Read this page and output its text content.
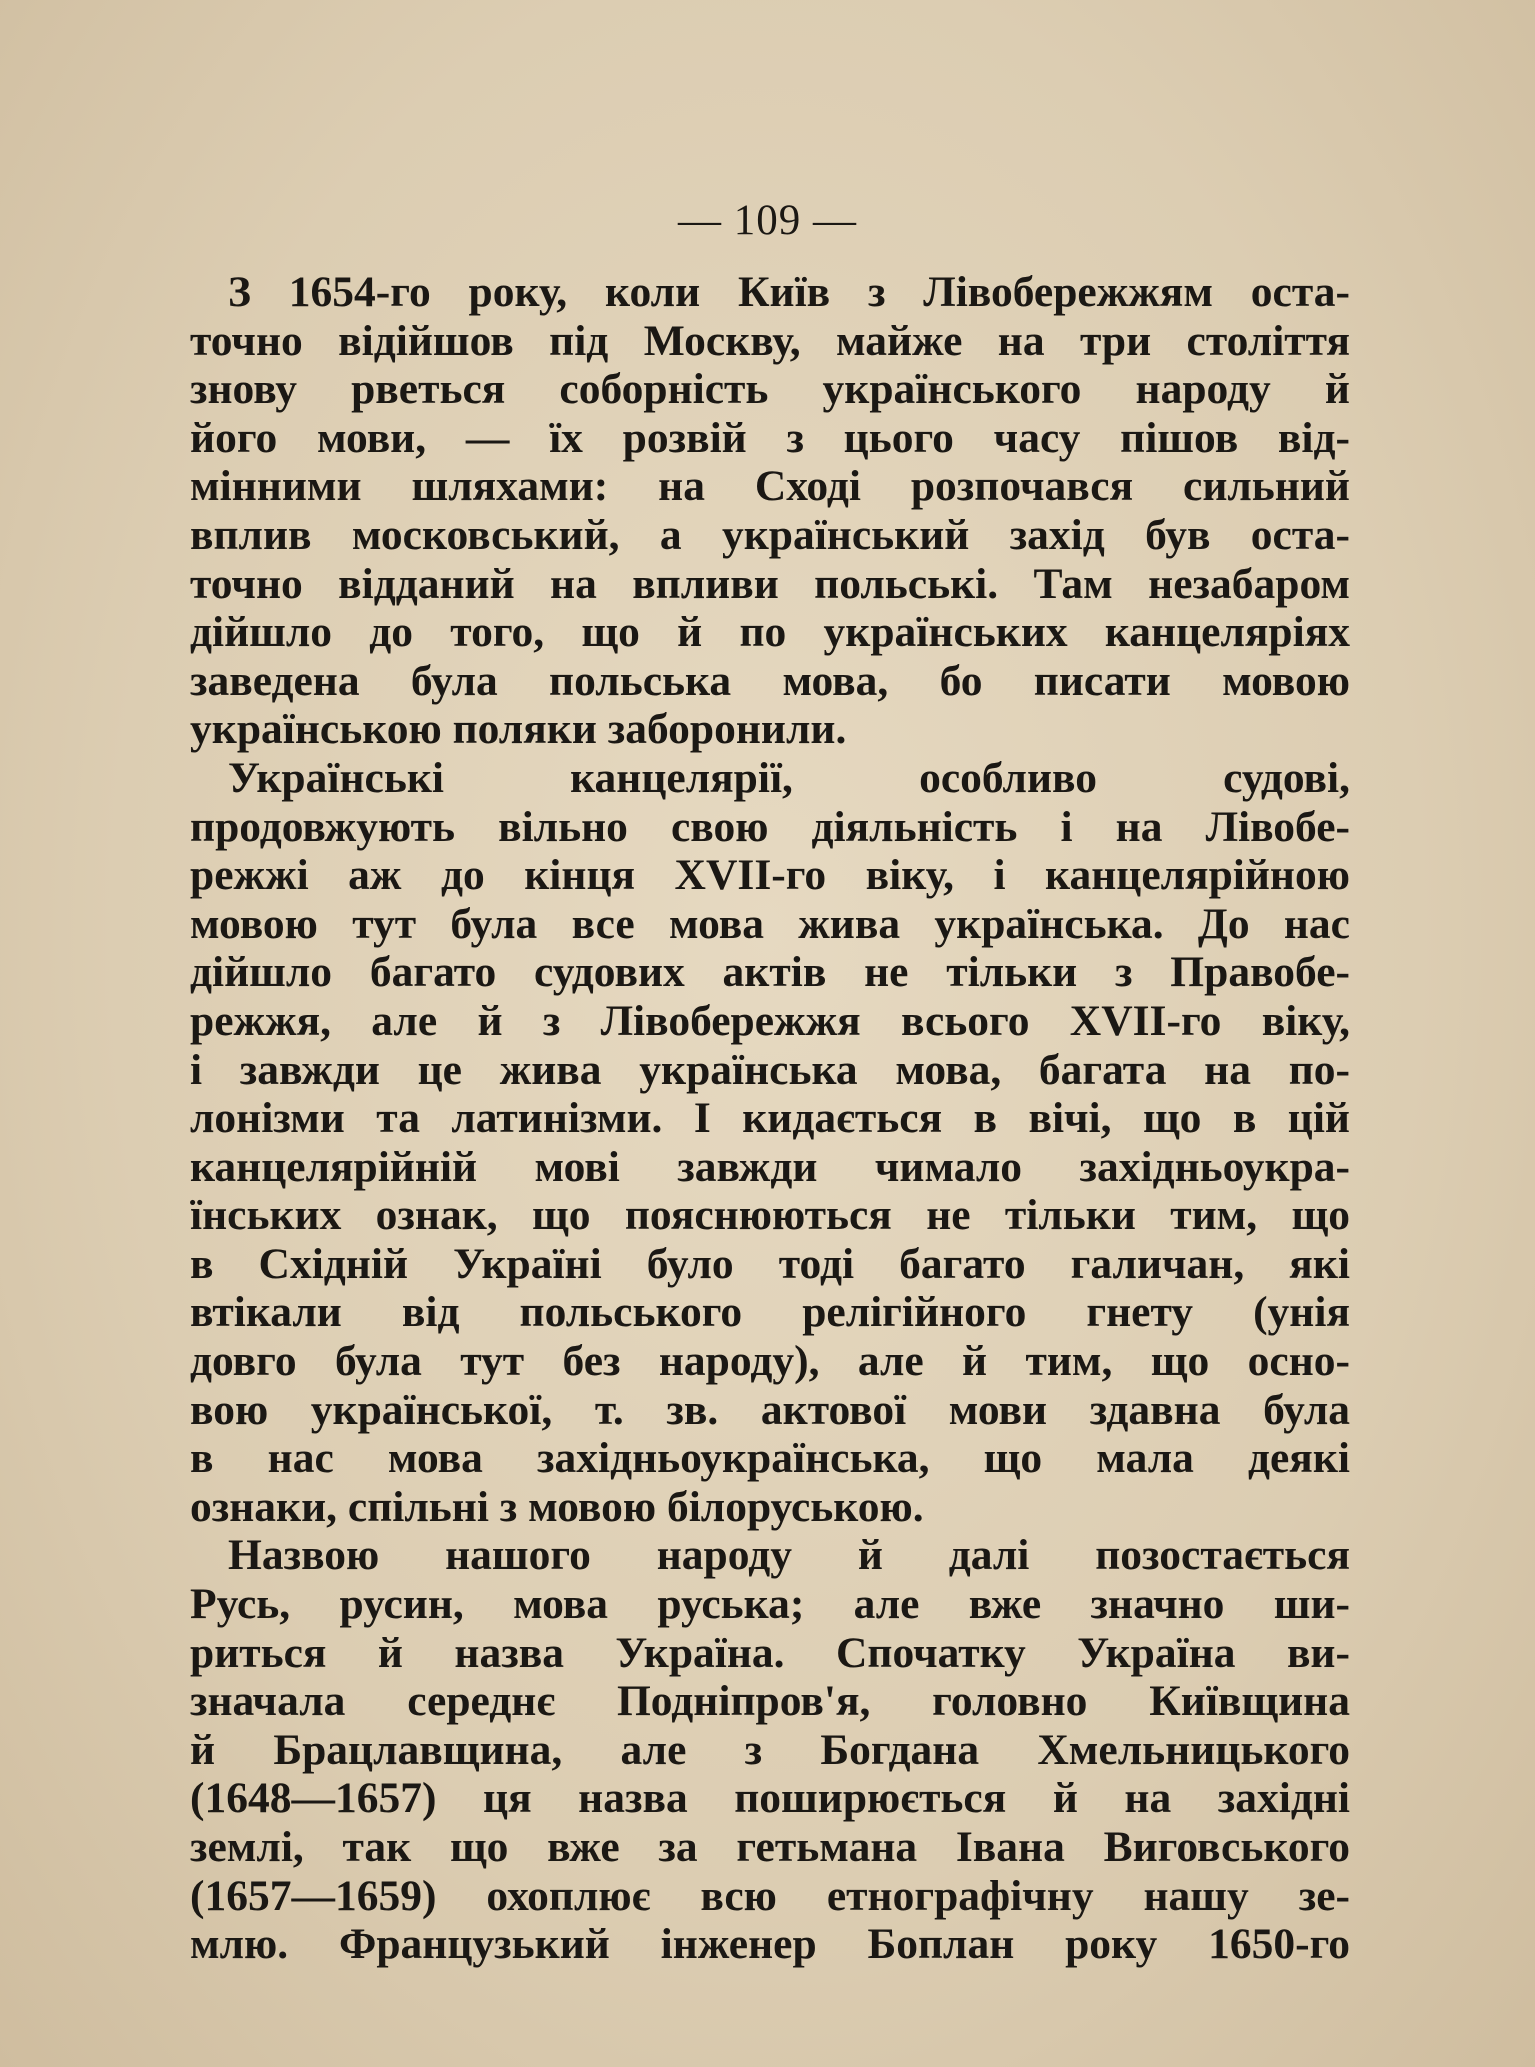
— 109 —
З 1654-го року, коли Київ з Лівобережжям оста-
точно відійшов під Москву, майже на три століття
знову рветься соборність українського народу й
його мови, — їх розвій з цього часу пішов від-
мінними шляхами: на Сході розпочався сильний
вплив московський, а український захід був оста-
точно відданий на впливи польські. Там незабаром
дійшло до того, що й по українських канцеляріях
заведена була польська мова, бо писати мовою
українською поляки заборонили.
Українські канцелярії, особливо судові,
продовжують вільно свою діяльність і на Лівобе-
режжі аж до кінця XVII-го віку, і канцелярійною
мовою тут була все мова жива українська. До нас
дійшло багато судових актів не тільки з Правобе-
режжя, але й з Лівобережжя всього XVII-го віку,
і завжди це жива українська мова, багата на по-
лонізми та латинізми. І кидається в вічі, що в цій
канцелярійній мові завжди чимало західньоукра-
їнських ознак, що пояснюються не тільки тим, що
в Східній Україні було тоді багато галичан, які
втікали від польського релігійного гнету (унія
довго була тут без народу), але й тим, що осно-
вою української, т. зв. актової мови здавна була
в нас мова західньоукраїнська, що мала деякі
ознаки, спільні з мовою білоруською.
Назвою нашого народу й далі позостається
Русь, русин, мова руська; але вже значно ши-
риться й назва Україна. Спочатку Україна ви-
значала середнє Подніпров'я, головно Київщина
й Брацлавщина, але з Богдана Хмельницького
(1648—1657) ця назва поширюється й на західні
землі, так що вже за гетьмана Івана Виговського
(1657—1659) охоплює всю етнографічну нашу зе-
млю. Французький інженер Боплан року 1650-го
